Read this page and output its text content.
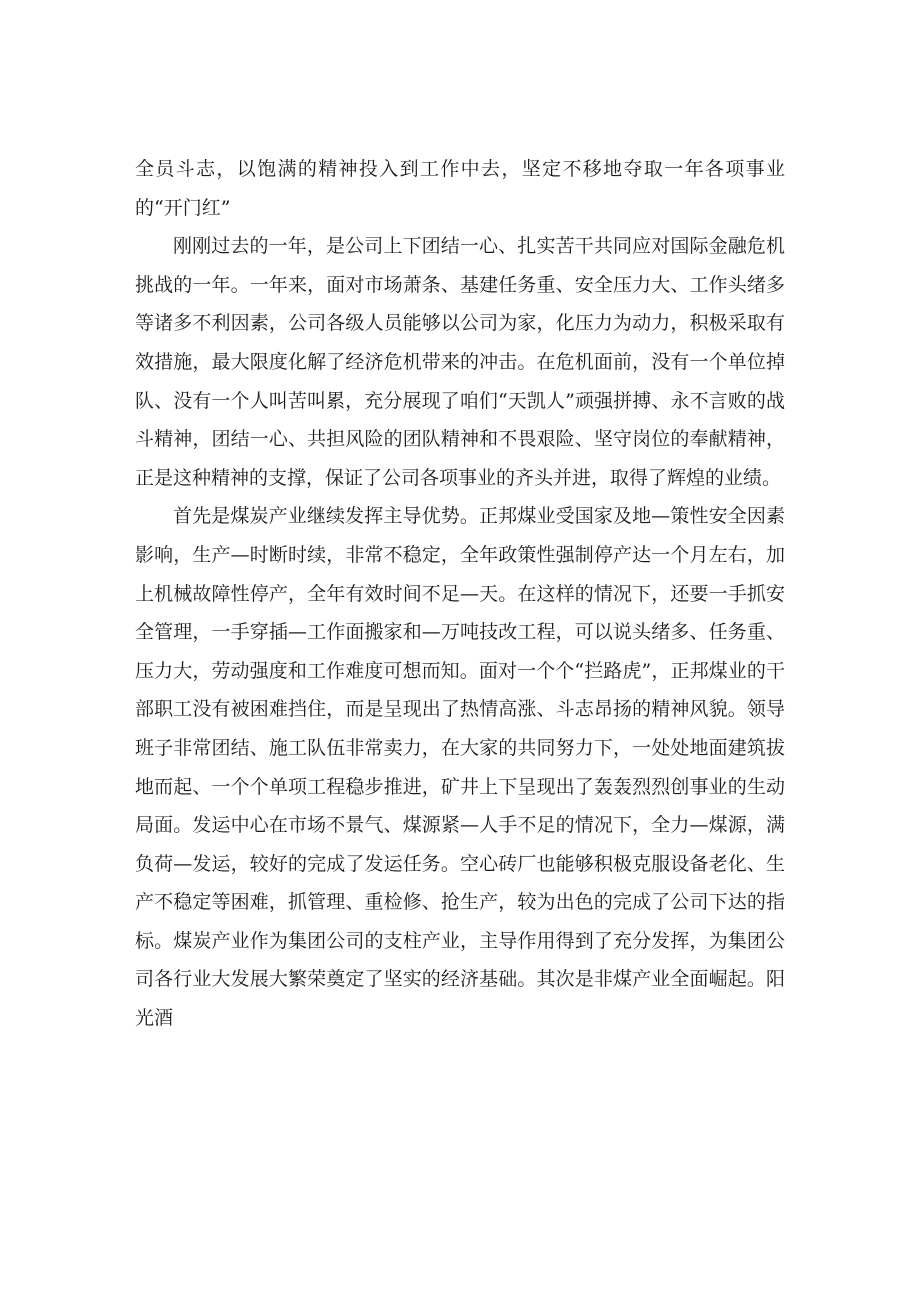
全员斗志，以饱满的精神投入到工作中去，坚定不移地夺取一年各项事业的“开门红”

刚刚过去的一年，是公司上下团结一心、扎实苦干共同应对国际金融危机挑战的一年。一年来，面对市场萧条、基建任务重、安全压力大、工作头绪多等诸多不利因素，公司各级人员能够以公司为家，化压力为动力，积极采取有效措施，最大限度化解了经济危机带来的冲击。在危机面前，没有一个单位掉队、没有一个人叫苦叫累，充分展现了咱们“天凯人”顽强拼搏、永不言败的战斗精神，团结一心、共担风险的团队精神和不畏艰险、坚守岗位的奉献精神，正是这种精神的支撑，保证了公司各项事业的齐头并进，取得了辉煌的业绩。

首先是煤炭产业继续发挥主导优势。正邦煤业受国家及地—策性安全因素影响，生产—时断时续，非常不稳定，全年政策性强制停产达一个月左右，加上机械故障性停产，全年有效时间不足—天。在这样的情况下，还要一手抓安全管理，一手穿插—工作面搬家和—万吨技改工程，可以说头绪多、任务重、压力大，劳动强度和工作难度可想而知。面对一个个“拦路虎”，正邦煤业的干部职工没有被困难挡住，而是呈现出了热情高涨、斗志昂扬的精神风貌。领导班子非常团结、施工队伍非常卖力，在大家的共同努力下，一处处地面建筑拔地而起、一个个单项工程稳步推进，矿井上下呈现出了轰轰烈烈创事业的生动局面。发运中心在市场不景气、煤源紧—人手不足的情况下，全力—煤源，满负荷—发运，较好的完成了发运任务。空心砖厂也能够积极克服设备老化、生产不稳定等困难，抓管理、重检修、抢生产，较为出色的完成了公司下达的指标。煤炭产业作为集团公司的支柱产业，主导作用得到了充分发挥，为集团公司各行业大发展大繁荣奠定了坚实的经济基础。其次是非煤产业全面崛起。阳光酒
